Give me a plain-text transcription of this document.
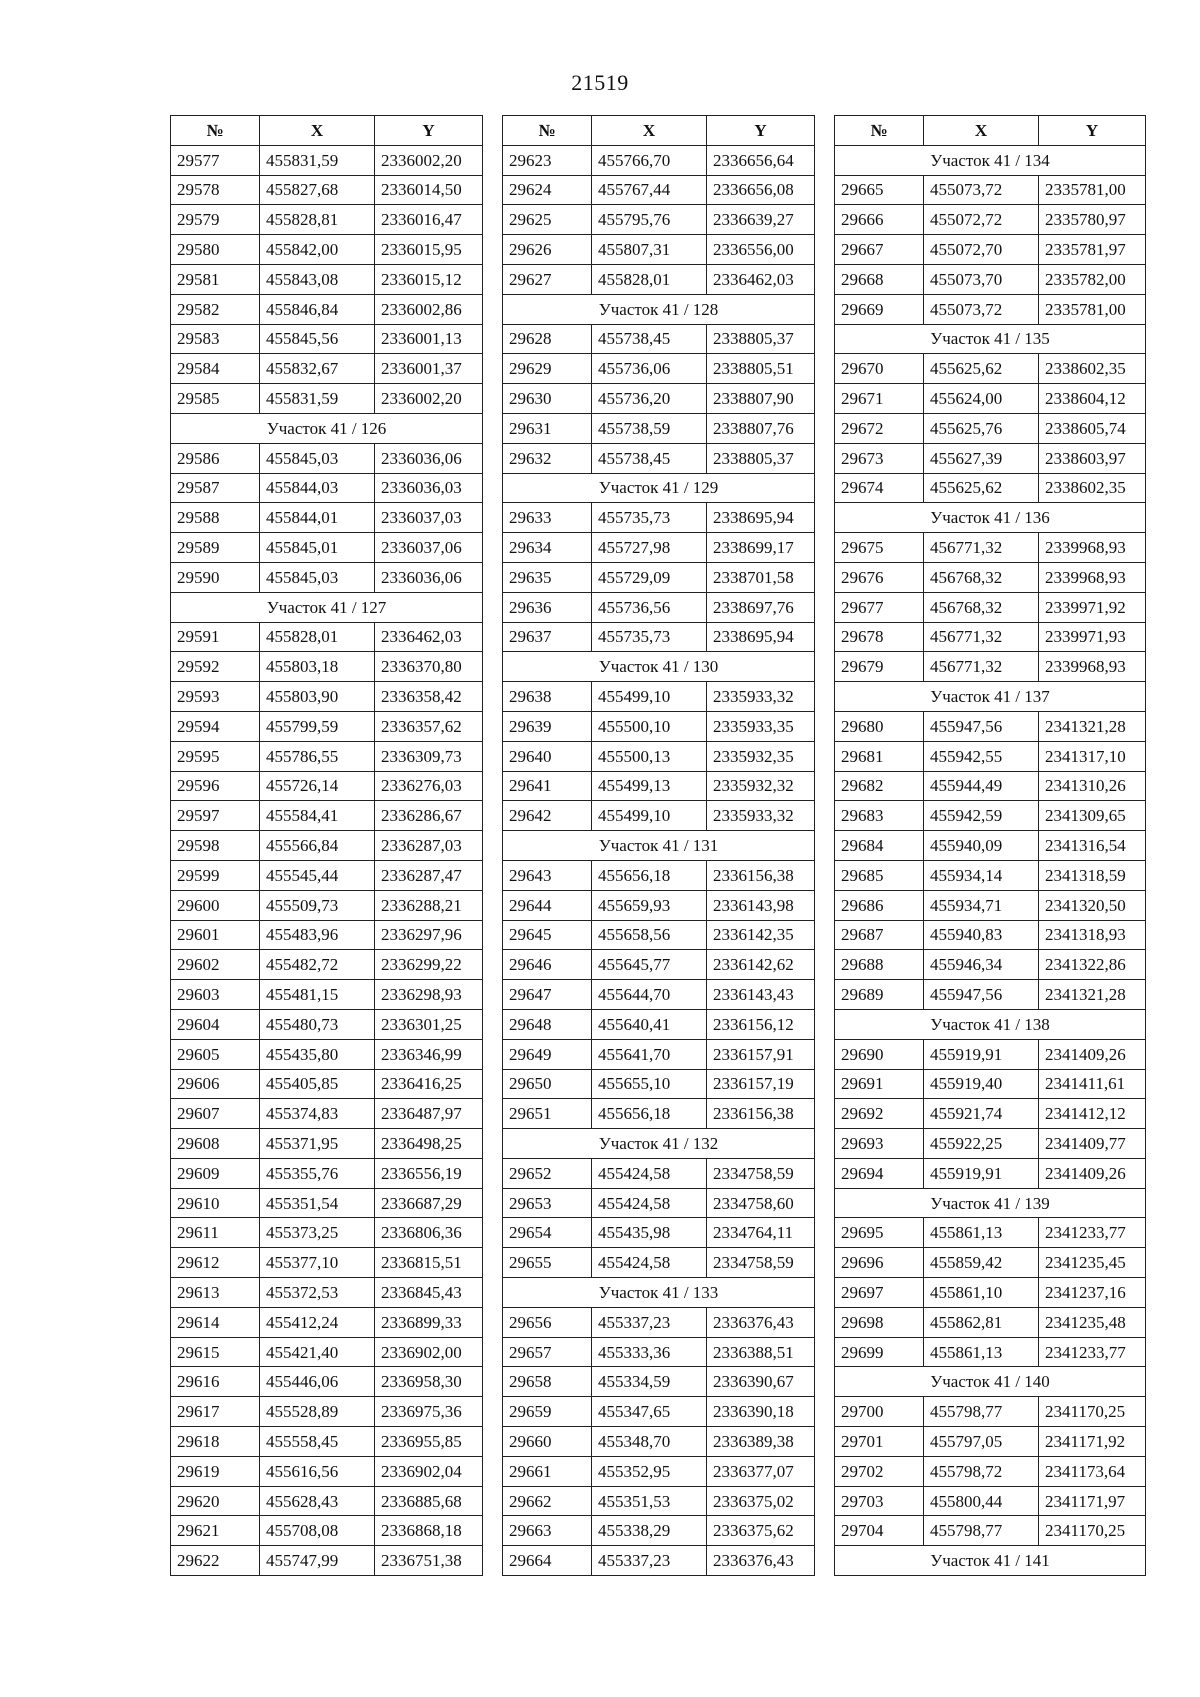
21519
№	X	Y
29577	455831,59	2336002,20
29578	455827,68	2336014,50
29579	455828,81	2336016,47
29580	455842,00	2336015,95
29581	455843,08	2336015,12
29582	455846,84	2336002,86
29583	455845,56	2336001,13
29584	455832,67	2336001,37
29585	455831,59	2336002,20
Участок 41 / 126		
29586	455845,03	2336036,06
29587	455844,03	2336036,03
29588	455844,01	2336037,03
29589	455845,01	2336037,06
29590	455845,03	2336036,06
Участок 41 / 127		
29591	455828,01	2336462,03
29592	455803,18	2336370,80
29593	455803,90	2336358,42
29594	455799,59	2336357,62
29595	455786,55	2336309,73
29596	455726,14	2336276,03
29597	455584,41	2336286,67
29598	455566,84	2336287,03
29599	455545,44	2336287,47
29600	455509,73	2336288,21
29601	455483,96	2336297,96
29602	455482,72	2336299,22
29603	455481,15	2336298,93
29604	455480,73	2336301,25
29605	455435,80	2336346,99
29606	455405,85	2336416,25
29607	455374,83	2336487,97
29608	455371,95	2336498,25
29609	455355,76	2336556,19
29610	455351,54	2336687,29
29611	455373,25	2336806,36
29612	455377,10	2336815,51
29613	455372,53	2336845,43
29614	455412,24	2336899,33
29615	455421,40	2336902,00
29616	455446,06	2336958,30
29617	455528,89	2336975,36
29618	455558,45	2336955,85
29619	455616,56	2336902,04
29620	455628,43	2336885,68
29621	455708,08	2336868,18
29622	455747,99	2336751,38
№	X	Y
29623	455766,70	2336656,64
29624	455767,44	2336656,08
29625	455795,76	2336639,27
29626	455807,31	2336556,00
29627	455828,01	2336462,03
Участок 41 / 128		
29628	455738,45	2338805,37
29629	455736,06	2338805,51
29630	455736,20	2338807,90
29631	455738,59	2338807,76
29632	455738,45	2338805,37
Участок 41 / 129		
29633	455735,73	2338695,94
29634	455727,98	2338699,17
29635	455729,09	2338701,58
29636	455736,56	2338697,76
29637	455735,73	2338695,94
Участок 41 / 130		
29638	455499,10	2335933,32
29639	455500,10	2335933,35
29640	455500,13	2335932,35
29641	455499,13	2335932,32
29642	455499,10	2335933,32
Участок 41 / 131		
29643	455656,18	2336156,38
29644	455659,93	2336143,98
29645	455658,56	2336142,35
29646	455645,77	2336142,62
29647	455644,70	2336143,43
29648	455640,41	2336156,12
29649	455641,70	2336157,91
29650	455655,10	2336157,19
29651	455656,18	2336156,38
Участок 41 / 132		
29652	455424,58	2334758,59
29653	455424,58	2334758,60
29654	455435,98	2334764,11
29655	455424,58	2334758,59
Участок 41 / 133		
29656	455337,23	2336376,43
29657	455333,36	2336388,51
29658	455334,59	2336390,67
29659	455347,65	2336390,18
29660	455348,70	2336389,38
29661	455352,95	2336377,07
29662	455351,53	2336375,02
29663	455338,29	2336375,62
29664	455337,23	2336376,43
№	X	Y
Участок 41 / 134		
29665	455073,72	2335781,00
29666	455072,72	2335780,97
29667	455072,70	2335781,97
29668	455073,70	2335782,00
29669	455073,72	2335781,00
Участок 41 / 135		
29670	455625,62	2338602,35
29671	455624,00	2338604,12
29672	455625,76	2338605,74
29673	455627,39	2338603,97
29674	455625,62	2338602,35
Участок 41 / 136		
29675	456771,32	2339968,93
29676	456768,32	2339968,93
29677	456768,32	2339971,92
29678	456771,32	2339971,93
29679	456771,32	2339968,93
Участок 41 / 137		
29680	455947,56	2341321,28
29681	455942,55	2341317,10
29682	455944,49	2341310,26
29683	455942,59	2341309,65
29684	455940,09	2341316,54
29685	455934,14	2341318,59
29686	455934,71	2341320,50
29687	455940,83	2341318,93
29688	455946,34	2341322,86
29689	455947,56	2341321,28
Участок 41 / 138		
29690	455919,91	2341409,26
29691	455919,40	2341411,61
29692	455921,74	2341412,12
29693	455922,25	2341409,77
29694	455919,91	2341409,26
Участок 41 / 139		
29695	455861,13	2341233,77
29696	455859,42	2341235,45
29697	455861,10	2341237,16
29698	455862,81	2341235,48
29699	455861,13	2341233,77
Участок 41 / 140		
29700	455798,77	2341170,25
29701	455797,05	2341171,92
29702	455798,72	2341173,64
29703	455800,44	2341171,97
29704	455798,77	2341170,25
Участок 41 / 141		
